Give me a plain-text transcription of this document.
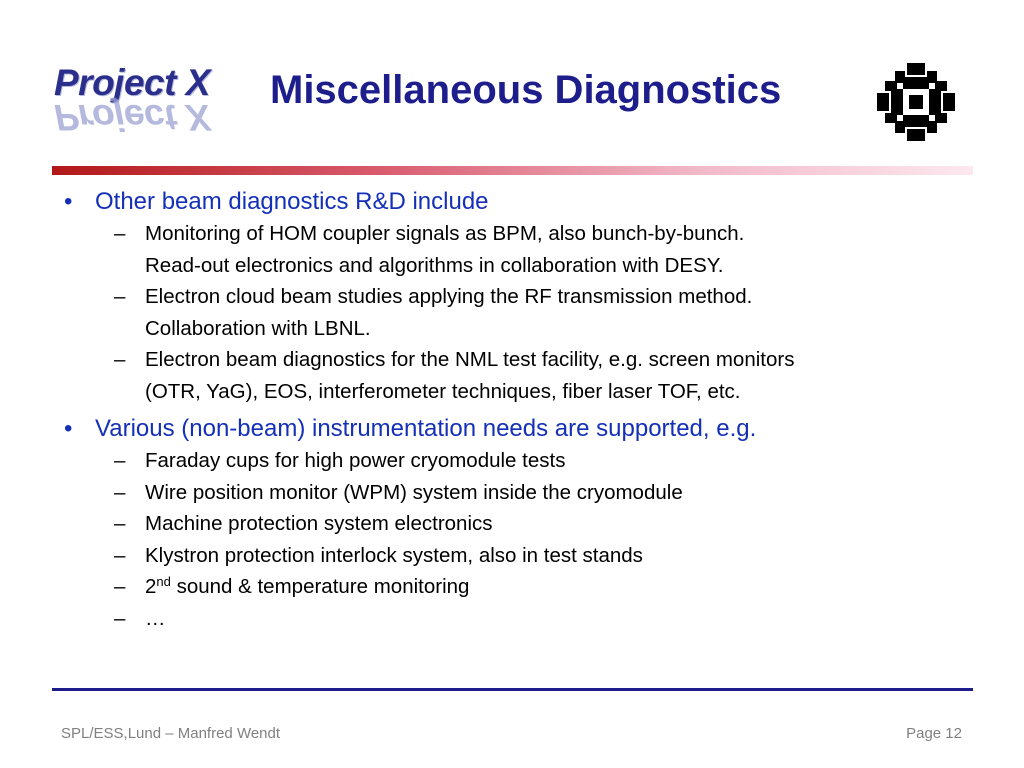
Project X
Project X
Miscellaneous Diagnostics
• Other beam diagnostics R&D include
– Monitoring of HOM coupler signals as BPM, also bunch-by-bunch.
Read-out electronics and algorithms in collaboration with DESY.
– Electron cloud beam studies applying the RF transmission method.
Collaboration with LBNL.
– Electron beam diagnostics for the NML test facility, e.g. screen monitors
(OTR, YaG), EOS, interferometer techniques, fiber laser TOF, etc.
• Various (non-beam) instrumentation needs are supported, e.g.
– Faraday cups for high power cryomodule tests
– Wire position monitor (WPM) system inside the cryomodule
– Machine protection system electronics
– Klystron protection interlock system, also in test stands
– 2nd sound & temperature monitoring
– …
SPL/ESS,Lund – Manfred Wendt	Page 12
